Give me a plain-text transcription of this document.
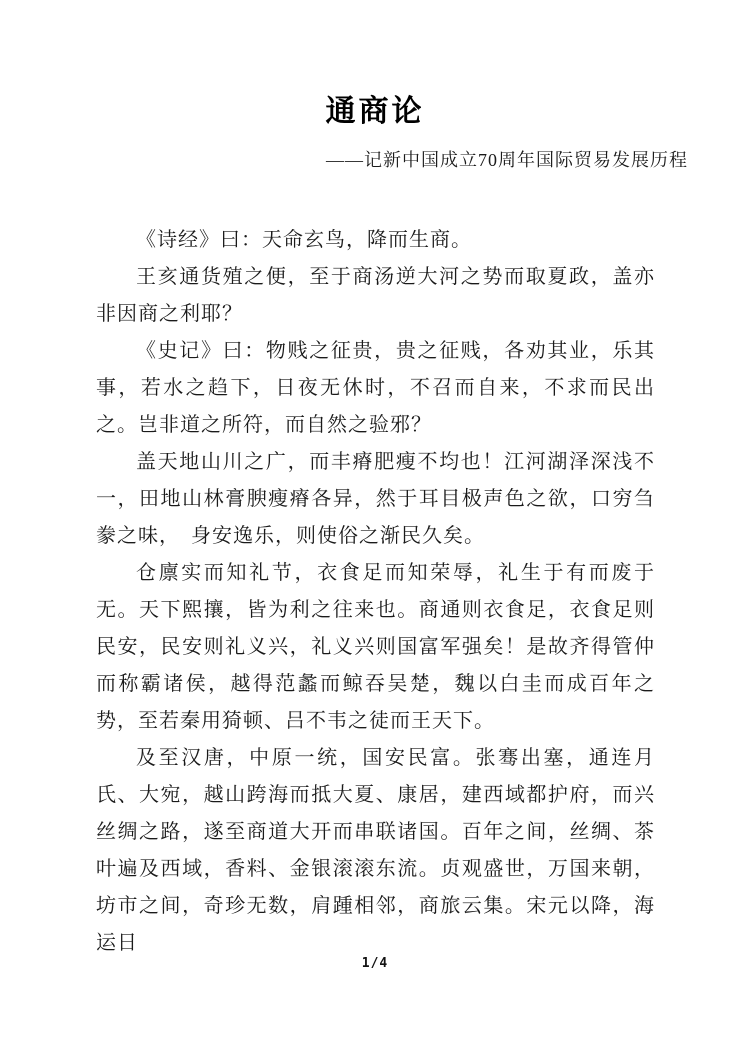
通商论
——记新中国成立70周年国际贸易发展历程

《诗经》曰：天命玄鸟，降而生商。

王亥通货殖之便，至于商汤逆大河之势而取夏政，盖亦非因商之利耶？

《史记》曰：物贱之征贵，贵之征贱，各劝其业，乐其事，若水之趋下，日夜无休时，不召而自来，不求而民出之。岂非道之所符，而自然之验邪？

盖天地山川之广，而丰瘠肥瘦不均也！江河湖泽深浅不一，田地山林膏腴瘦瘠各异，然于耳目极声色之欲，口穷刍豢之味，　身安逸乐，则使俗之渐民久矣。

仓廪实而知礼节，衣食足而知荣辱，礼生于有而废于无。天下熙攘，皆为利之往来也。商通则衣食足，衣食足则民安，民安则礼义兴，礼义兴则国富军强矣！是故齐得管仲而称霸诸侯，越得范蠡而鲸吞吴楚，魏以白圭而成百年之势，至若秦用猗顿、吕不韦之徒而王天下。

及至汉唐，中原一统，国安民富。张骞出塞，通连月氏、大宛，越山跨海而抵大夏、康居，建西域都护府，而兴丝绸之路，遂至商道大开而串联诸国。百年之间，丝绸、茶叶遍及西域，香料、金银滚滚东流。贞观盛世，万国来朝，坊市之间，奇珍无数，肩踵相邻，商旅云集。宋元以降，海运日

1/4
